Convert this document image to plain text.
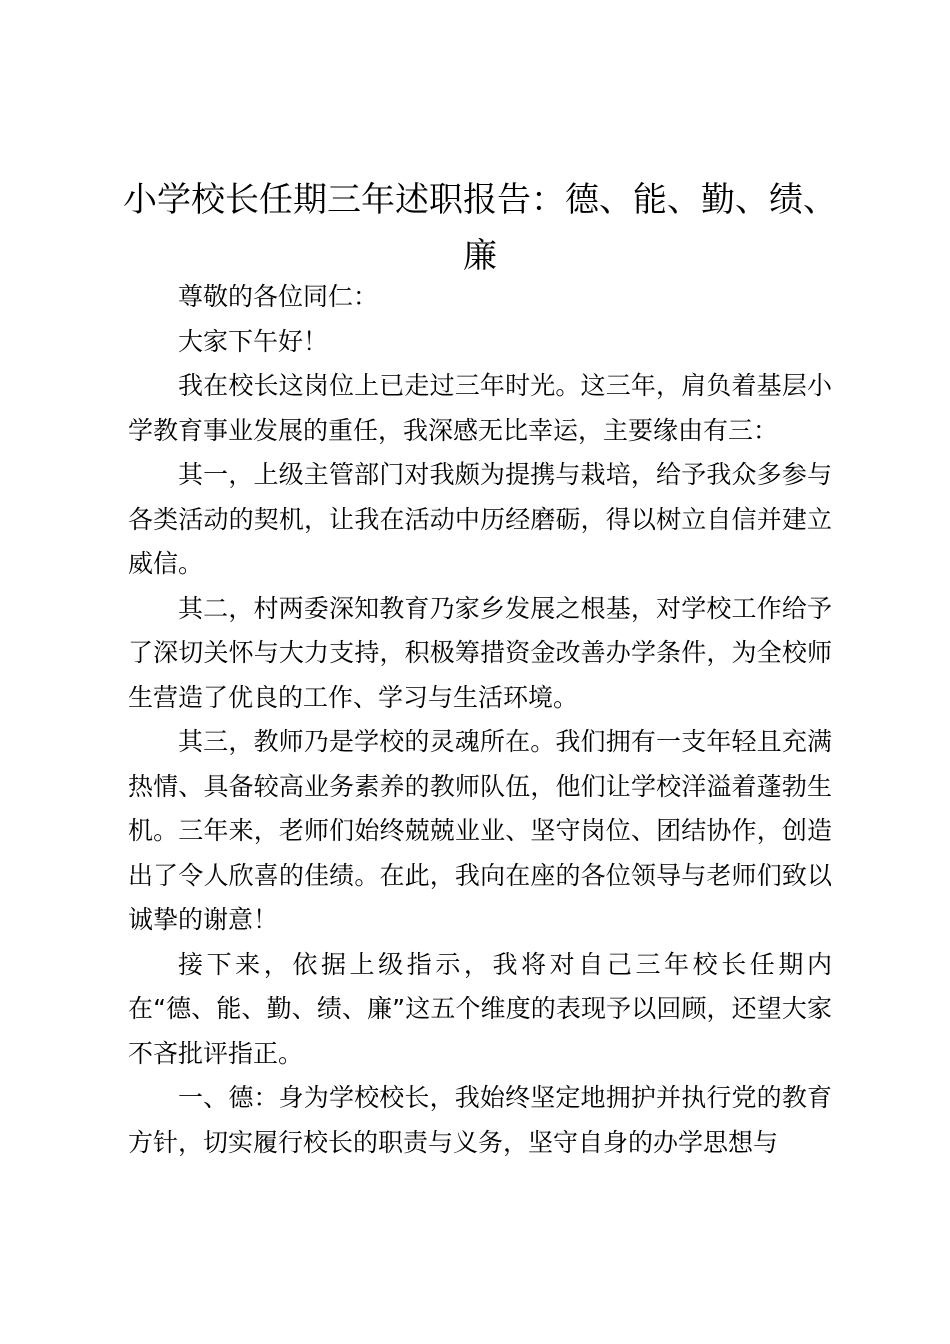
小学校长任期三年述职报告：德、能、勤、绩、廉

尊敬的各位同仁：

大家下午好！

我在校长这岗位上已走过三年时光。这三年，肩负着基层小学教育事业发展的重任，我深感无比幸运，主要缘由有三：

其一，上级主管部门对我颇为提携与栽培，给予我众多参与各类活动的契机，让我在活动中历经磨砺，得以树立自信并建立威信。

其二，村两委深知教育乃家乡发展之根基，对学校工作给予了深切关怀与大力支持，积极筹措资金改善办学条件，为全校师生营造了优良的工作、学习与生活环境。

其三，教师乃是学校的灵魂所在。我们拥有一支年轻且充满热情、具备较高业务素养的教师队伍，他们让学校洋溢着蓬勃生机。三年来，老师们始终兢兢业业、坚守岗位、团结协作，创造出了令人欣喜的佳绩。在此，我向在座的各位领导与老师们致以诚挚的谢意！

接下来，依据上级指示，我将对自己三年校长任期内在“德、能、勤、绩、廉”这五个维度的表现予以回顾，还望大家不吝批评指正。

一、德：身为学校校长，我始终坚定地拥护并执行党的教育方针，切实履行校长的职责与义务，坚守自身的办学思想与
